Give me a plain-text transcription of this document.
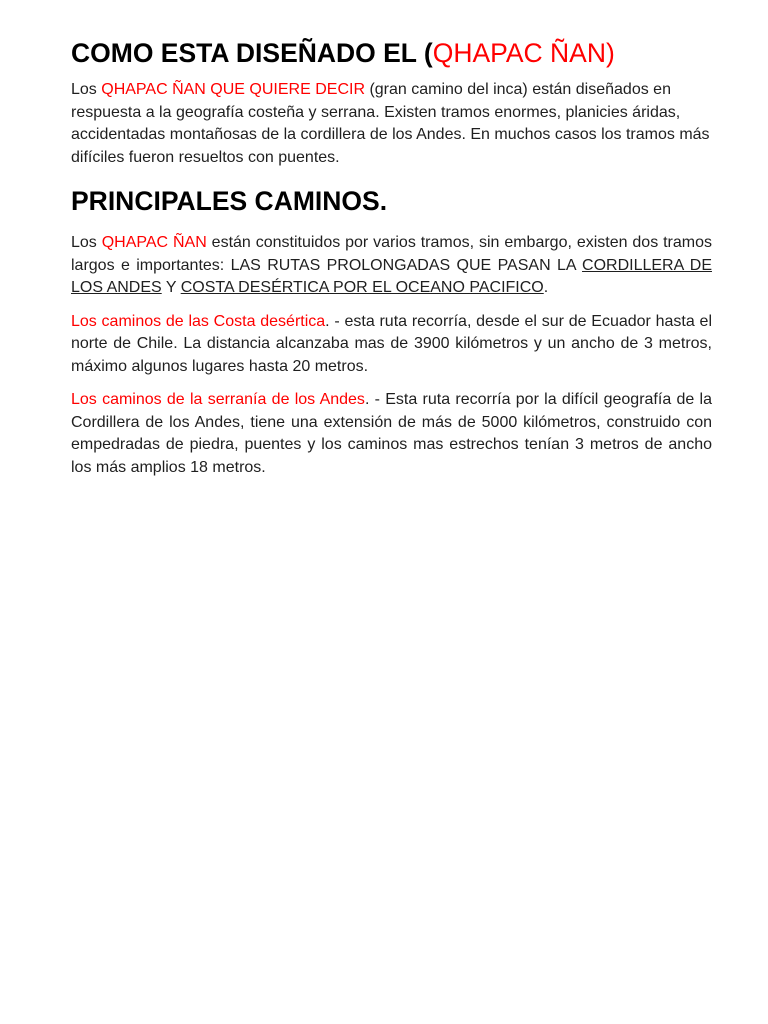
COMO ESTA DISEÑADO EL (QHAPAC ÑAN)

Los QHAPAC ÑAN QUE QUIERE DECIR (gran camino del inca) están diseñados en respuesta a la geografía costeña y serrana. Existen tramos enormes, planicies áridas, accidentadas montañosas de la cordillera de los Andes. En muchos casos los tramos más difíciles fueron resueltos con puentes.

PRINCIPALES CAMINOS.

Los QHAPAC ÑAN están constituidos por varios tramos, sin embargo, existen dos tramos largos e importantes: LAS RUTAS PROLONGADAS QUE PASAN LA CORDILLERA DE LOS ANDES Y COSTA DESÉRTICA POR EL OCEANO PACIFICO.

Los caminos de las Costa desértica. - esta ruta recorría, desde el sur de Ecuador hasta el norte de Chile. La distancia alcanzaba mas de 3900 kilómetros y un ancho de 3 metros, máximo algunos lugares hasta 20 metros.

Los caminos de la serranía de los Andes. - Esta ruta recorría por la difícil geografía de la Cordillera de los Andes, tiene una extensión de más de 5000 kilómetros, construido con empedradas de piedra, puentes y los caminos mas estrechos tenían 3 metros de ancho los más amplios 18 metros.
